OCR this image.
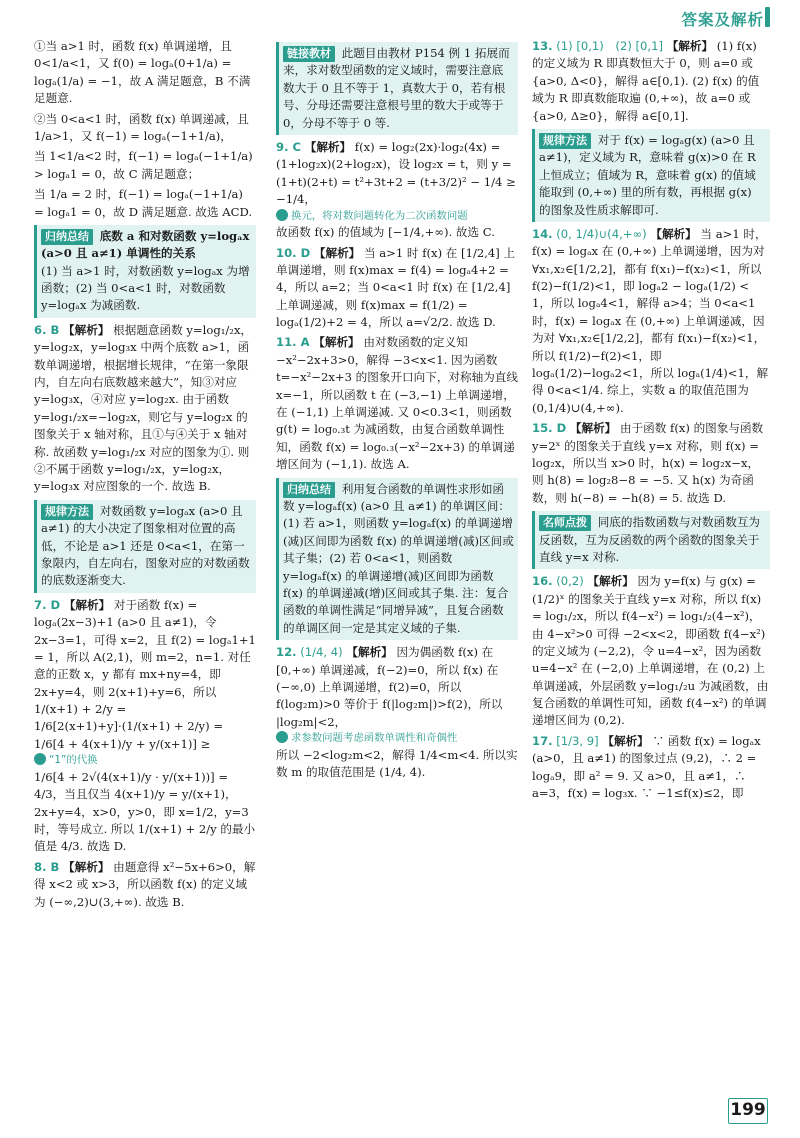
答案及解析

①当 a>1 时，函数 f(x) 单调递增，且 0<1/a<1，又 f(0) = logₐ(0+1/a) = logₐ(1/a) = −1，故 A 满足题意，B 不满足题意.

②当 0<a<1 时，函数 f(x) 单调递减，且 1/a>1，又 f(−1) = logₐ(−1+1/a)，

当 1<1/a<2 时，f(−1) = logₐ(−1+1/a) > logₐ1 = 0，故 C 满足题意；

当 1/a = 2 时，f(−1) = logₐ(−1+1/a) = logₐ1 = 0，故 D 满足题意. 故选 ACD.

归纳总结 底数 a 和对数函数 y=logₐx (a>0 且 a≠1) 单调性的关系

(1) 当 a>1 时，对数函数 y=logₐx 为增函数；(2) 当 0<a<1 时，对数函数 y=logₐx 为减函数.

6. B 【解析】 根据题意函数 y=log₁/₂x，y=log₂x，y=log₃x 中两个底数 a>1，函数单调递增，根据增长规律，“在第一象限内，自左向右底数越来越大”，知③对应 y=log₃x，④对应 y=log₂x. 由于函数 y=log₁/₂x=−log₂x，则它与 y=log₂x 的图象关于 x 轴对称，且①与④关于 x 轴对称. 故函数 y=log₁/₂x 对应的图象为①. 则②不属于函数 y=log₁/₂x，y=log₂x，y=log₃x 对应图象的一个. 故选 B.
规律方法 对数函数 y=logₐx (a>0 且 a≠1) 的大小决定了图象相对位置的高低，不论是 a>1 还是 0<a<1，在第一象限内，自左向右，图象对应的对数函数的底数逐渐变大.
7. D 【解析】 对于函数 f(x) = logₐ(2x−3)+1 (a>0 且 a≠1)，令 2x−3=1，可得 x=2，且 f(2) = logₐ1+1 = 1，所以 A(2,1)，则 m=2，n=1. 对任意的正数 x，y 都有 mx+ny=4，即 2x+y=4，则 2(x+1)+y=6，所以 1/(x+1) + 2/y = 1/6[2(x+1)+y]·(1/(x+1) + 2/y) = 1/6[4 + 4(x+1)/y + y/(x+1)] ≥

“1”的代换

1/6[4 + 2√(4(x+1)/y · y/(x+1))] = 4/3，当且仅当 4(x+1)/y = y/(x+1)，2x+y=4，x>0，y>0，即 x=1/2，y=3 时，等号成立. 所以 1/(x+1) + 2/y 的最小值是 4/3. 故选 D.
8. B 【解析】 由题意得 x²−5x+6>0，解得 x<2 或 x>3，所以函数 f(x) 的定义域为 (−∞,2)∪(3,+∞). 故选 B.
链接教材 此题目由教材 P154 例 1 拓展而来，求对数型函数的定义域时，需要注意底数大于 0 且不等于 1，真数大于 0，若有根号、分母还需要注意根号里的数大于或等于 0，分母不等于 0 等.
9. C 【解析】 f(x) = log₂(2x)·log₂(4x) = (1+log₂x)(2+log₂x)，设 log₂x = t，则 y = (1+t)(2+t) = t²+3t+2 = (t+3/2)² − 1/4 ≥ −1/4，

换元，将对数问题转化为二次函数问题

故函数 f(x) 的值域为 [−1/4,+∞). 故选 C.
10. D 【解析】 当 a>1 时 f(x) 在 [1/2,4] 上单调递增，则 f(x)max = f(4) = logₐ4+2 = 4，所以 a=2；当 0<a<1 时 f(x) 在 [1/2,4] 上单调递减，则 f(x)max = f(1/2) = logₐ(1/2)+2 = 4，所以 a=√2/2. 故选 D.
11. A 【解析】 由对数函数的定义知 −x²−2x+3>0，解得 −3<x<1. 因为函数 t=−x²−2x+3 的图象开口向下，对称轴为直线 x=−1，所以函数 t 在 (−3,−1) 上单调递增，在 (−1,1) 上单调递减. 又 0<0.3<1，则函数 g(t) = log₀.₃t 为减函数，由复合函数单调性知，函数 f(x) = log₀.₃(−x²−2x+3) 的单调递增区间为 (−1,1). 故选 A.
归纳总结 利用复合函数的单调性求形如函数 y=logₐf(x) (a>0 且 a≠1) 的单调区间：(1) 若 a>1，则函数 y=logₐf(x) 的单调递增(减)区间即为函数 f(x) 的单调递增(减)区间或其子集；(2) 若 0<a<1，则函数 y=logₐf(x) 的单调递增(减)区间即为函数 f(x) 的单调递减(增)区间或其子集. 注：复合函数的单调性满足“同增异减”，且复合函数的单调区间一定是其定义域的子集.
12. (1/4, 4) 【解析】 因为偶函数 f(x) 在 [0,+∞) 单调递减，f(−2)=0，所以 f(x) 在 (−∞,0) 上单调递增，f(2)=0，所以 f(log₂m)>0 等价于 f(|log₂m|)>f(2)，所以 |log₂m|<2，

求参数问题考虑函数单调性和奇偶性

所以 −2<log₂m<2，解得 1/4<m<4. 所以实数 m 的取值范围是 (1/4, 4).
13. (1) [0,1)　(2) [0,1] 【解析】 (1) f(x) 的定义域为 R 即真数恒大于 0，则 a=0 或 {a>0, Δ<0}，解得 a∈[0,1). (2) f(x) 的值域为 R 即真数能取遍 (0,+∞)，故 a=0 或 {a>0, Δ≥0}，解得 a∈[0,1].
规律方法 对于 f(x) = logₐg(x) (a>0 且 a≠1)，定义域为 R，意味着 g(x)>0 在 R 上恒成立；值域为 R，意味着 g(x) 的值域能取到 (0,+∞) 里的所有数，再根据 g(x) 的图象及性质求解即可.
14. (0, 1/4)∪(4,+∞) 【解析】 当 a>1 时，f(x) = logₐx 在 (0,+∞) 上单调递增，因为对 ∀x₁,x₂∈[1/2,2]，都有 f(x₁)−f(x₂)<1，所以 f(2)−f(1/2)<1，即 logₐ2 − logₐ(1/2) < 1，所以 logₐ4<1，解得 a>4；当 0<a<1 时，f(x) = logₐx 在 (0,+∞) 上单调递减，因为对 ∀x₁,x₂∈[1/2,2]，都有 f(x₁)−f(x₂)<1，所以 f(1/2)−f(2)<1，即 logₐ(1/2)−logₐ2<1，所以 logₐ(1/4)<1，解得 0<a<1/4. 综上，实数 a 的取值范围为 (0,1/4)∪(4,+∞).
15. D 【解析】 由于函数 f(x) 的图象与函数 y=2ˣ 的图象关于直线 y=x 对称，则 f(x) = log₂x，所以当 x>0 时，h(x) = log₂x−x，则 h(8) = log₂8−8 = −5. 又 h(x) 为奇函数，则 h(−8) = −h(8) = 5. 故选 D.
名师点拨 同底的指数函数与对数函数互为反函数，互为反函数的两个函数的图象关于直线 y=x 对称.
16. (0,2) 【解析】 因为 y=f(x) 与 g(x) = (1/2)ˣ 的图象关于直线 y=x 对称，所以 f(x) = log₁/₂x，所以 f(4−x²) = log₁/₂(4−x²)，由 4−x²>0 可得 −2<x<2，即函数 f(4−x²) 的定义域为 (−2,2)，令 u=4−x²，因为函数 u=4−x² 在 (−2,0) 上单调递增，在 (0,2) 上单调递减，外层函数 y=log₁/₂u 为减函数，由复合函数的单调性可知，函数 f(4−x²) 的单调递增区间为 (0,2).
17. [1/3, 9] 【解析】 ∵ 函数 f(x) = logₐx (a>0，且 a≠1) 的图象过点 (9,2)，∴ 2 = logₐ9，即 a² = 9. 又 a>0，且 a≠1，∴ a=3，f(x) = log₃x. ∵ −1≤f(x)≤2，即
199
